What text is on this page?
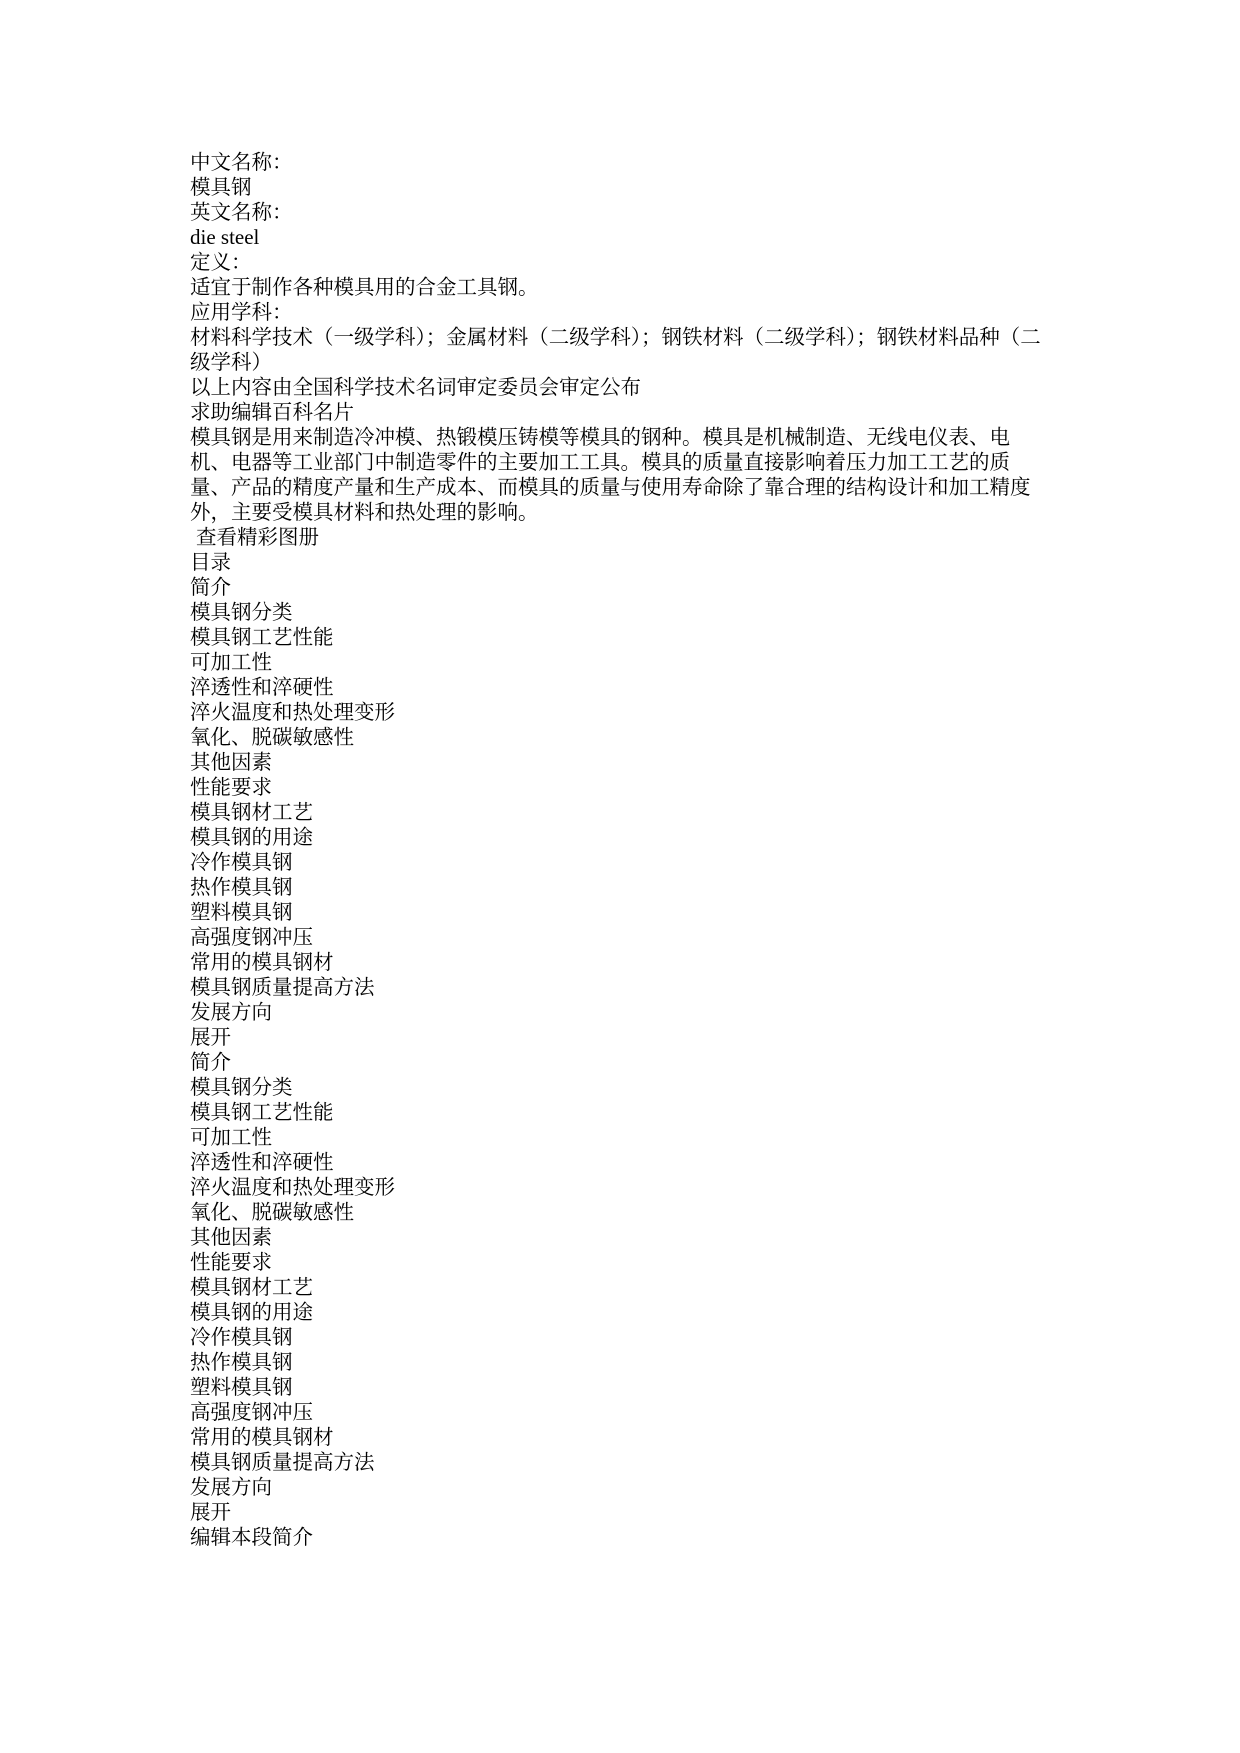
中文名称：

模具钢

英文名称：

die steel

定义：

适宜于制作各种模具用的合金工具钢。

应用学科：

材料科学技术（一级学科）；金属材料（二级学科）；钢铁材料（二级学科）；钢铁材料品种（二级学科）

以上内容由全国科学技术名词审定委员会审定公布

求助编辑百科名片

模具钢是用来制造冷冲模、热锻模压铸模等模具的钢种。模具是机械制造、无线电仪表、电机、电器等工业部门中制造零件的主要加工工具。模具的质量直接影响着压力加工工艺的质量、产品的精度产量和生产成本、而模具的质量与使用寿命除了靠合理的结构设计和加工精度外，主要受模具材料和热处理的影响。

查看精彩图册

目录

简介
模具钢分类
模具钢工艺性能
可加工性
淬透性和淬硬性
淬火温度和热处理变形
氧化、脱碳敏感性
其他因素
性能要求
模具钢材工艺
模具钢的用途
冷作模具钢
热作模具钢
塑料模具钢
高强度钢冲压
常用的模具钢材
模具钢质量提高方法
发展方向

展开

简介
模具钢分类
模具钢工艺性能
可加工性
淬透性和淬硬性
淬火温度和热处理变形
氧化、脱碳敏感性
其他因素
性能要求
模具钢材工艺
模具钢的用途
冷作模具钢
热作模具钢
塑料模具钢
高强度钢冲压
常用的模具钢材
模具钢质量提高方法
发展方向

展开

编辑本段简介
